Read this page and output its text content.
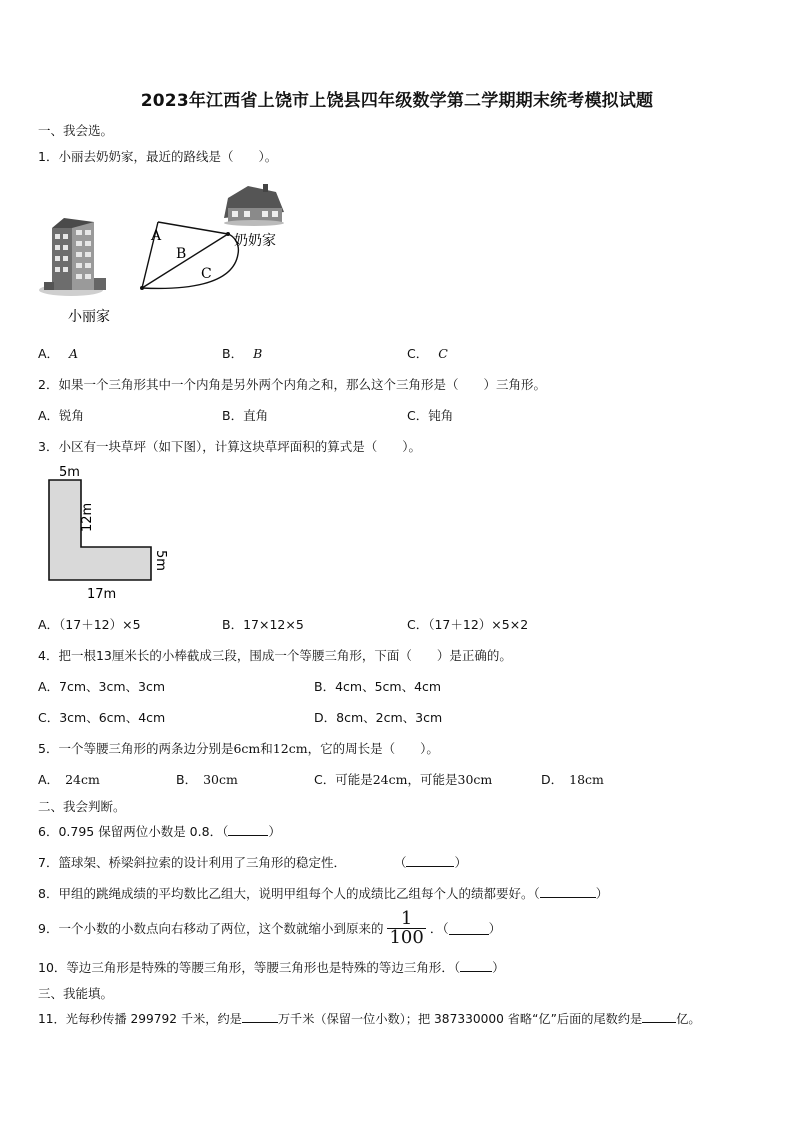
2023年江西省上饶市上饶县四年级数学第二学期期末统考模拟试题
一、我会选。
1．小丽去奶奶家，最近的路线是（　　）。
A
B
C
奶奶家
小丽家
A． A	B． B	C． C
2．如果一个三角形其中一个内角是另外两个内角之和，那么这个三角形是（　　）三角形。
A．锐角	B．直角	C．钝角
3．小区有一块草坪（如下图），计算这块草坪面积的算式是（　　）。
5m
12m
5m
17m
A．（17＋12）×5	B．17×12×5	C．（17＋12）×5×2
4．把一根13厘米长的小棒截成三段，围成一个等腰三角形，下面（　　）是正确的。
A．7cm、3cm、3cm	B．4cm、5cm、4cm
C．3cm、6cm、4cm	D．8cm、2cm、3cm
5．一个等腰三角形的两条边分别是6cm和12cm，它的周长是（　　）。
A． 24cm	B． 30cm	C．可能是24cm，可能是30cm	D． 18cm
二、我会判断。
6．0.795 保留两位小数是 0.8．（	）
7．篮球架、桥梁斜拉索的设计利用了三角形的稳定性．	（	）
8．甲组的跳绳成绩的平均数比乙组大，说明甲组每个人的成绩比乙组每个人的绩都要好。（	）
9．一个小数的小数点向右移动了两位，这个数就缩小到原来的 $\frac{1}{100}$ ．（	）
10．等边三角形是特殊的等腰三角形，等腰三角形也是特殊的等边三角形．（	）
三、我能填。
11．光每秒传播 299792 千米，约是	万千米（保留一位小数）；把 387330000 省略“亿”后面的尾数约是	亿。
